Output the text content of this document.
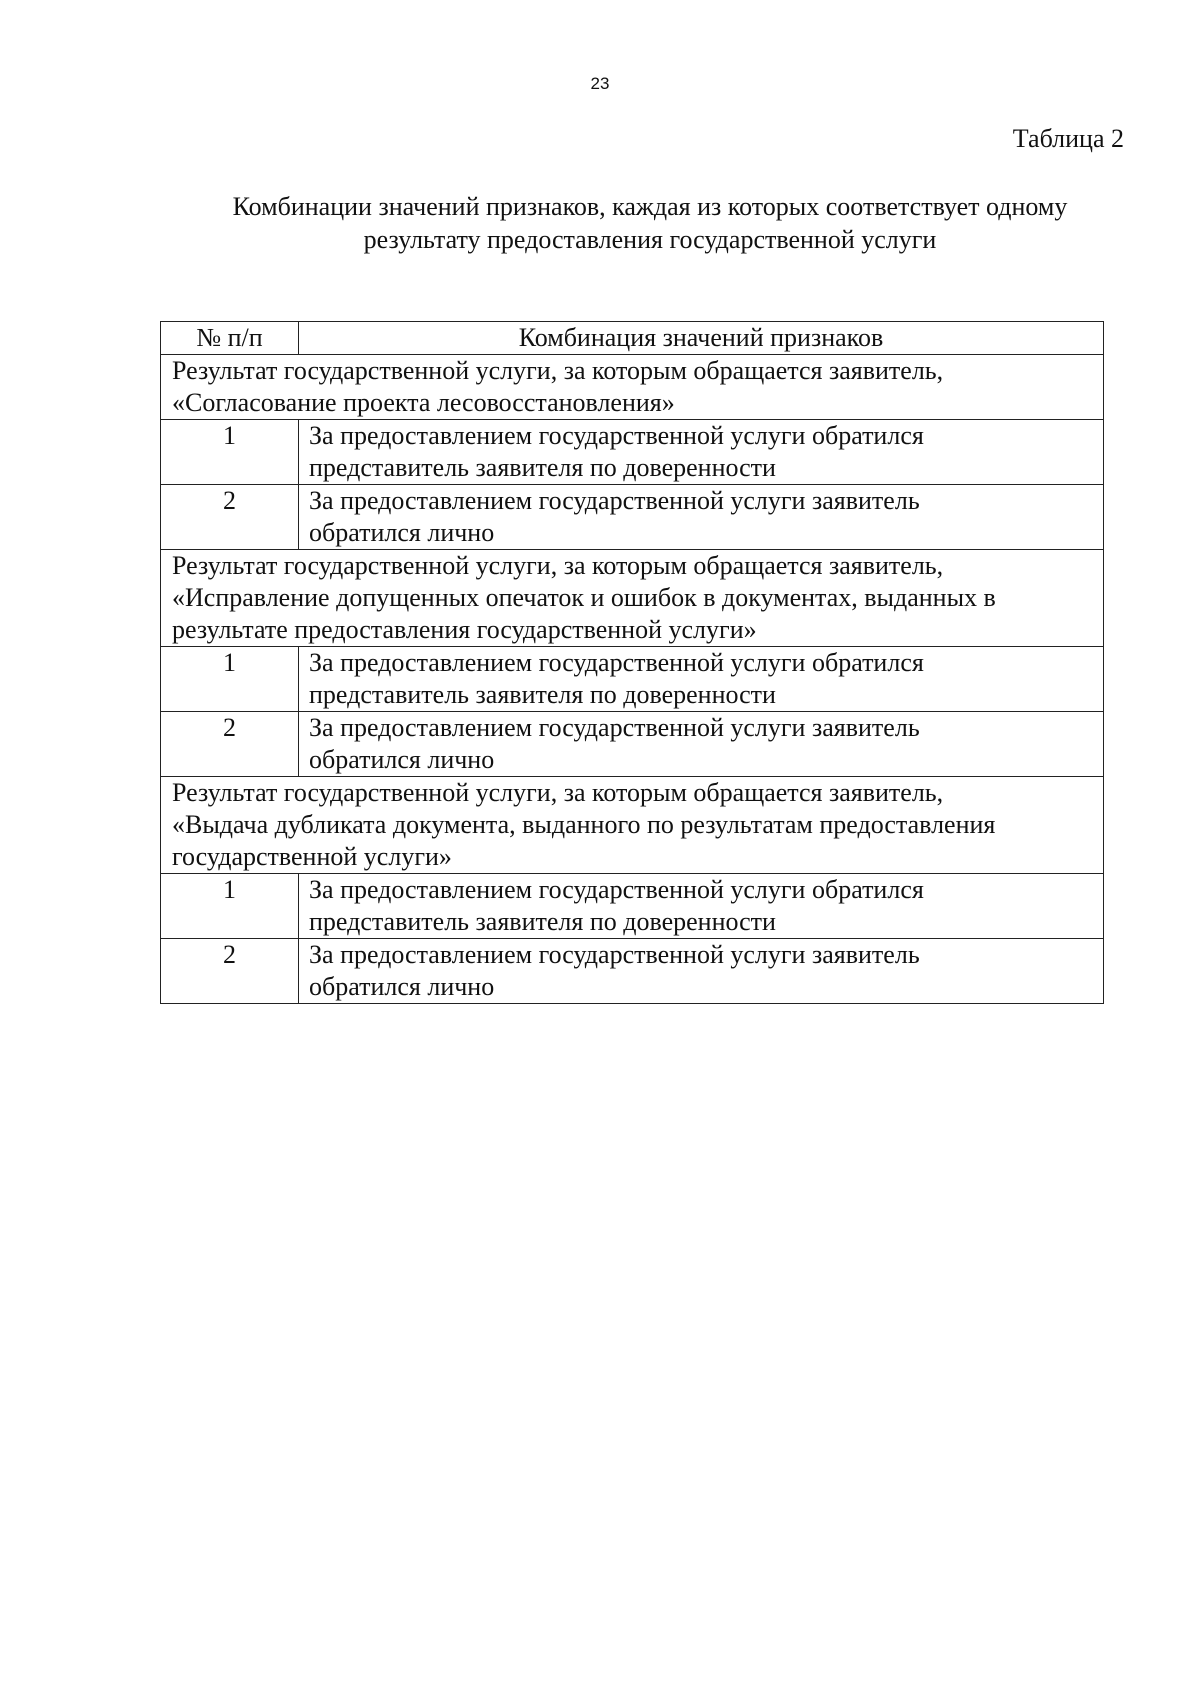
23
Таблица 2
Комбинации значений признаков, каждая из которых соответствует одному
результату предоставления государственной услуги
№ п/п	Комбинация значений признаков

Результат государственной услуги, за которым обращается заявитель,
«Согласование проекта лесовосстановления»	

1	За предоставлением государственной услуги обратился
представитель заявителя по доверенности

2	За предоставлением государственной услуги заявитель
обратился лично

Результат государственной услуги, за которым обращается заявитель,
«Исправление допущенных опечаток и ошибок в документах, выданных в
результате предоставления государственной услуги»	

1	За предоставлением государственной услуги обратился
представитель заявителя по доверенности

2	За предоставлением государственной услуги заявитель
обратился лично

Результат государственной услуги, за которым обращается заявитель,
«Выдача дубликата документа, выданного по результатам предоставления
государственной услуги»	

1	За предоставлением государственной услуги обратился
представитель заявителя по доверенности

2	За предоставлением государственной услуги заявитель
обратился лично
